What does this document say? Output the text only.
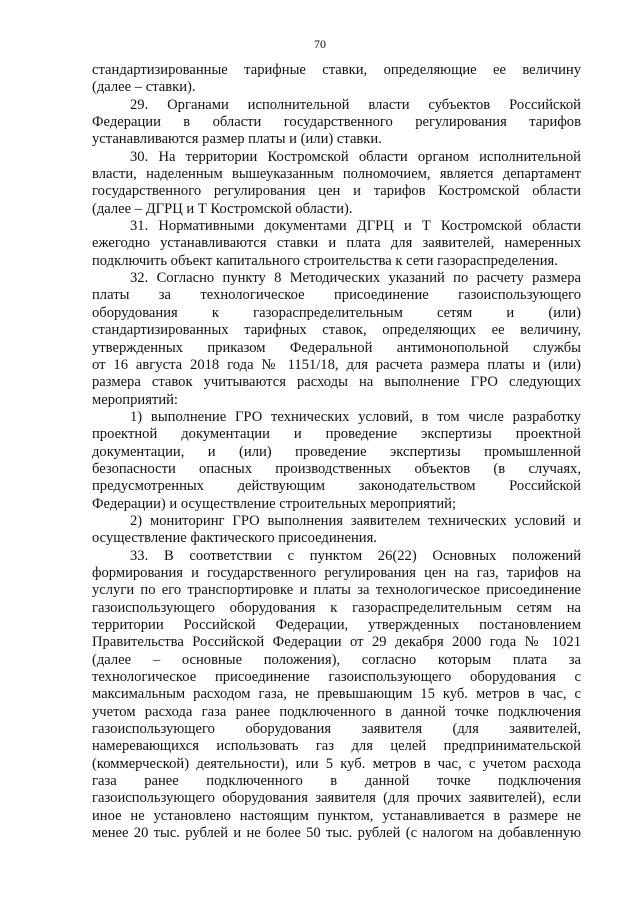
70
стандартизированные тарифные ставки, определяющие ее величину
(далее – ставки).
29. Органами исполнительной власти субъектов Российской
Федерации в области государственного регулирования тарифов
устанавливаются размер платы и (или) ставки.
30. На территории Костромской области органом исполнительной
власти, наделенным вышеуказанным полномочием, является департамент
государственного регулирования цен и тарифов Костромской области
(далее – ДГРЦ и Т Костромской области).
31. Нормативными документами ДГРЦ и Т Костромской области
ежегодно устанавливаются ставки и плата для заявителей, намеренных
подключить объект капитального строительства к сети газораспределения.
32. Согласно пункту 8 Методических указаний по расчету размера
платы за технологическое присоединение газоиспользующего
оборудования к газораспределительным сетям и (или)
стандартизированных тарифных ставок, определяющих ее величину,
утвержденных приказом Федеральной антимонопольной службы
от 16 августа 2018 года № 1151/18, для расчета размера платы и (или)
размера ставок учитываются расходы на выполнение ГРО следующих
мероприятий:
1) выполнение ГРО технических условий, в том числе разработку
проектной документации и проведение экспертизы проектной
документации, и (или) проведение экспертизы промышленной
безопасности опасных производственных объектов (в случаях,
предусмотренных действующим законодательством Российской
Федерации) и осуществление строительных мероприятий;
2) мониторинг ГРО выполнения заявителем технических условий и
осуществление фактического присоединения.
33. В соответствии с пунктом 26(22) Основных положений
формирования и государственного регулирования цен на газ, тарифов на
услуги по его транспортировке и платы за технологическое присоединение
газоиспользующего оборудования к газораспределительным сетям на
территории Российской Федерации, утвержденных постановлением
Правительства Российской Федерации от 29 декабря 2000 года № 1021
(далее – основные положения), согласно которым плата за
технологическое присоединение газоиспользующего оборудования с
максимальным расходом газа, не превышающим 15 куб. метров в час, с
учетом расхода газа ранее подключенного в данной точке подключения
газоиспользующего оборудования заявителя (для заявителей,
намеревающихся использовать газ для целей предпринимательской
(коммерческой) деятельности), или 5 куб. метров в час, с учетом расхода
газа ранее подключенного в данной точке подключения
газоиспользующего оборудования заявителя (для прочих заявителей), если
иное не установлено настоящим пунктом, устанавливается в размере не
менее 20 тыс. рублей и не более 50 тыс. рублей (с налогом на добавленную
